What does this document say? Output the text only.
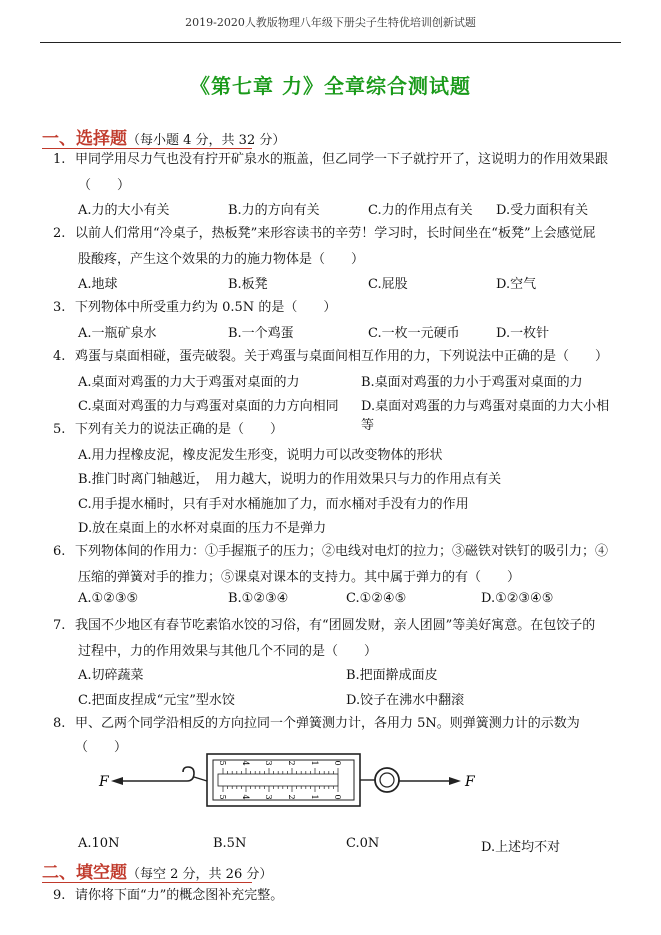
2019-2020人教版物理八年级下册尖子生特优培训创新试题
《第七章 力》全章综合测试题
一、选择题（每小题 4 分，共 32 分）
1. 甲同学用尽力气也没有拧开矿泉水的瓶盖，但乙同学一下子就拧开了，这说明力的作用效果跟
（　　）
A.力的大小有关	B.力的方向有关	C.力的作用点有关 D.受力面积有关
2. 以前人们常用“冷桌子，热板凳”来形容读书的辛劳！学习时，长时间坐在“板凳”上会感觉屁
股酸疼，产生这个效果的力的施力物体是（　　）
A.地球	B.板凳	C.屁股	D.空气
3. 下列物体中所受重力约为 0.5N 的是（　　）
A.一瓶矿泉水	B.一个鸡蛋	C.一枚一元硬币	D.一枚针
4. 鸡蛋与桌面相碰，蛋壳破裂。关于鸡蛋与桌面间相互作用的力，下列说法中正确的是（　　）
A.桌面对鸡蛋的力大于鸡蛋对桌面的力	B.桌面对鸡蛋的力小于鸡蛋对桌面的力
C.桌面对鸡蛋的力与鸡蛋对桌面的力方向相同 D.桌面对鸡蛋的力与鸡蛋对桌面的力大小相等
5. 下列有关力的说法正确的是（　　）
A.用力捏橡皮泥，橡皮泥发生形变，说明力可以改变物体的形状
B.推门时离门轴越近，　用力越大，说明力的作用效果只与力的作用点有关
C.用手提水桶时，只有手对水桶施加了力，而水桶对手没有力的作用
D.放在桌面上的水杯对桌面的压力不是弹力
6. 下列物体间的作用力：①手握瓶子的压力；②电线对电灯的拉力；③磁铁对铁钉的吸引力；④
压缩的弹簧对手的推力；⑤课桌对课本的支持力。其中属于弹力的有（　　）
A.①②③⑤	B.①②③④	C.①②④⑤	D.①②③④⑤
7. 我国不少地区有春节吃素馅水饺的习俗，有“团圆发财，亲人团圆”等美好寓意。在包饺子的
过程中，力的作用效果与其他几个不同的是（　　）
A.切碎蔬菜	B.把面擀成面皮
C.把面皮捏成“元宝”型水饺	D.饺子在沸水中翻滚
8. 甲、乙两个同学沿相反的方向拉同一个弹簧测力计，各用力 5N。则弹簧测力计的示数为（　　）
F
0
0
1
1
2
2
3
3
4
4
5
5
F
A.10N	B.5N	C.0N	D.上述均不对
二、填空题（每空 2 分，共 26 分）
9. 请你将下面“力”的概念图补充完整。
